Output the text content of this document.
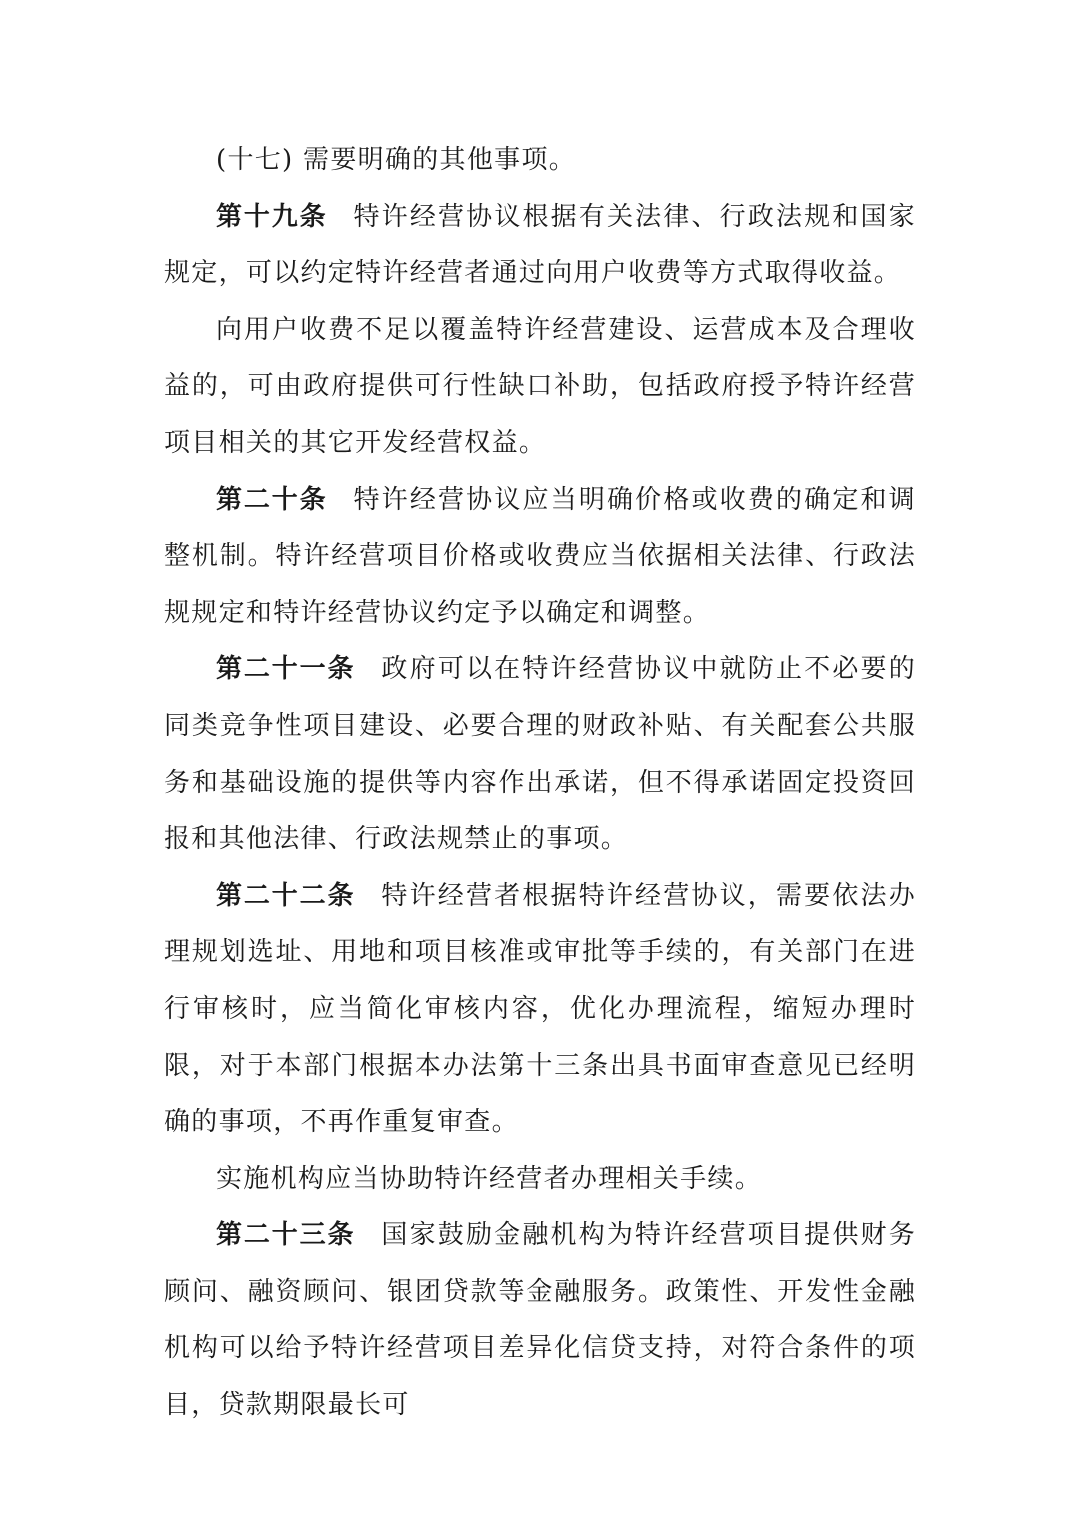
(十七) 需要明确的其他事项。

第十九条 特许经营协议根据有关法律、行政法规和国家规定，可以约定特许经营者通过向用户收费等方式取得收益。

向用户收费不足以覆盖特许经营建设、运营成本及合理收益的，可由政府提供可行性缺口补助，包括政府授予特许经营项目相关的其它开发经营权益。

第二十条 特许经营协议应当明确价格或收费的确定和调整机制。特许经营项目价格或收费应当依据相关法律、行政法规规定和特许经营协议约定予以确定和调整。

第二十一条 政府可以在特许经营协议中就防止不必要的同类竞争性项目建设、必要合理的财政补贴、有关配套公共服务和基础设施的提供等内容作出承诺，但不得承诺固定投资回报和其他法律、行政法规禁止的事项。

第二十二条 特许经营者根据特许经营协议，需要依法办理规划选址、用地和项目核准或审批等手续的，有关部门在进行审核时，应当简化审核内容，优化办理流程，缩短办理时限，对于本部门根据本办法第十三条出具书面审查意见已经明确的事项，不再作重复审查。

实施机构应当协助特许经营者办理相关手续。

第二十三条 国家鼓励金融机构为特许经营项目提供财务顾问、融资顾问、银团贷款等金融服务。政策性、开发性金融机构可以给予特许经营项目差异化信贷支持，对符合条件的项目，贷款期限最长可
